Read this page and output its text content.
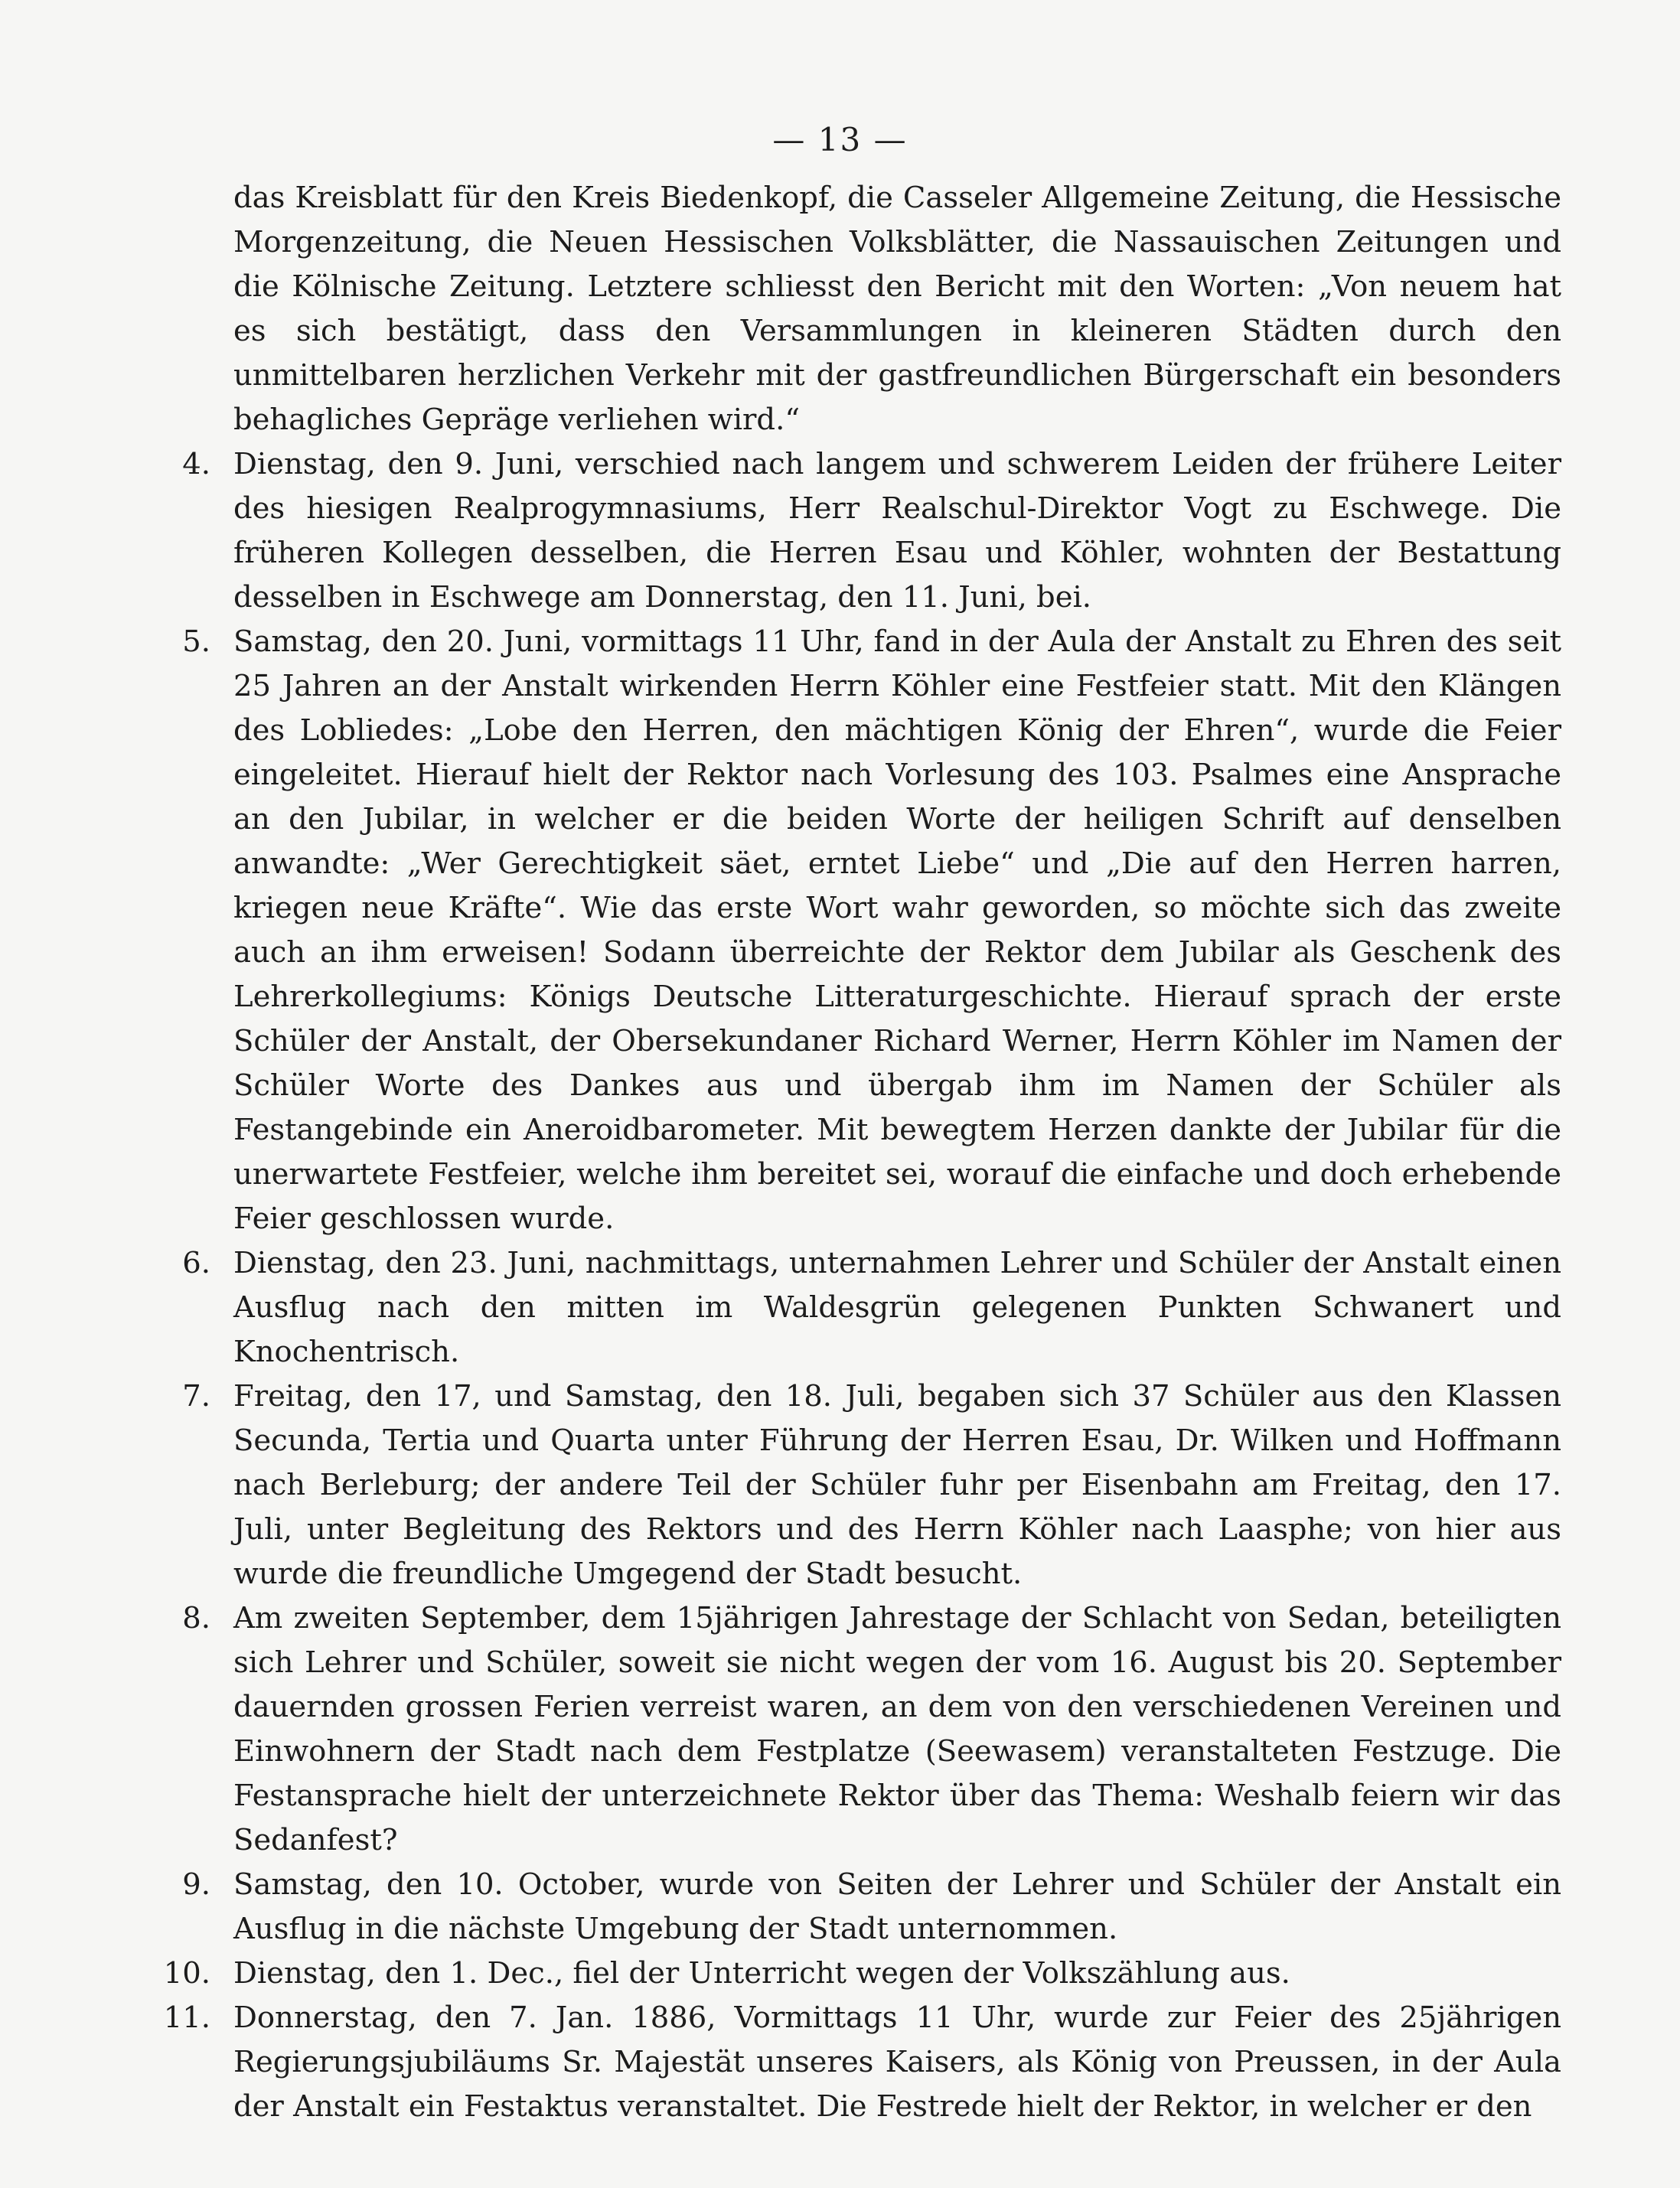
— 13 —

das Kreisblatt für den Kreis Biedenkopf, die Casseler Allgemeine Zeitung, die Hessische Morgenzeitung, die Neuen Hessischen Volksblätter, die Nassauischen Zeitungen und die Kölnische Zeitung. Letztere schliesst den Bericht mit den Worten: „Von neuem hat es sich bestätigt, dass den Versammlungen in kleineren Städten durch den unmittelbaren herzlichen Verkehr mit der gastfreundlichen Bürgerschaft ein besonders behagliches Gepräge verliehen wird.“

4. Dienstag, den 9. Juni, verschied nach langem und schwerem Leiden der frühere Leiter des hiesigen Realprogymnasiums, Herr Realschul-Direktor Vogt zu Eschwege. Die früheren Kollegen desselben, die Herren Esau und Köhler, wohnten der Bestattung desselben in Eschwege am Donnerstag, den 11. Juni, bei.
5. Samstag, den 20. Juni, vormittags 11 Uhr, fand in der Aula der Anstalt zu Ehren des seit 25 Jahren an der Anstalt wirkenden Herrn Köhler eine Festfeier statt. Mit den Klängen des Lobliedes: „Lobe den Herren, den mächtigen König der Ehren“, wurde die Feier eingeleitet. Hierauf hielt der Rektor nach Vorlesung des 103. Psalmes eine Ansprache an den Jubilar, in welcher er die beiden Worte der heiligen Schrift auf denselben anwandte: „Wer Gerechtigkeit säet, erntet Liebe“ und „Die auf den Herren harren, kriegen neue Kräfte“. Wie das erste Wort wahr geworden, so möchte sich das zweite auch an ihm erweisen! Sodann überreichte der Rektor dem Jubilar als Geschenk des Lehrerkollegiums: Königs Deutsche Litteraturgeschichte. Hierauf sprach der erste Schüler der Anstalt, der Obersekundaner Richard Werner, Herrn Köhler im Namen der Schüler Worte des Dankes aus und übergab ihm im Namen der Schüler als Festangebinde ein Aneroidbarometer. Mit bewegtem Herzen dankte der Jubilar für die unerwartete Festfeier, welche ihm bereitet sei, worauf die einfache und doch erhebende Feier geschlossen wurde.
6. Dienstag, den 23. Juni, nachmittags, unternahmen Lehrer und Schüler der Anstalt einen Ausflug nach den mitten im Waldesgrün gelegenen Punkten Schwanert und Knochentrisch.
7. Freitag, den 17, und Samstag, den 18. Juli, begaben sich 37 Schüler aus den Klassen Secunda, Tertia und Quarta unter Führung der Herren Esau, Dr. Wilken und Hoffmann nach Berleburg; der andere Teil der Schüler fuhr per Eisenbahn am Freitag, den 17. Juli, unter Begleitung des Rektors und des Herrn Köhler nach Laasphe; von hier aus wurde die freundliche Umgegend der Stadt besucht.
8. Am zweiten September, dem 15jährigen Jahrestage der Schlacht von Sedan, beteiligten sich Lehrer und Schüler, soweit sie nicht wegen der vom 16. August bis 20. September dauernden grossen Ferien verreist waren, an dem von den verschiedenen Vereinen und Einwohnern der Stadt nach dem Festplatze (Seewasem) veranstalteten Festzuge. Die Festansprache hielt der unterzeichnete Rektor über das Thema: Weshalb feiern wir das Sedanfest?
9. Samstag, den 10. October, wurde von Seiten der Lehrer und Schüler der Anstalt ein Ausflug in die nächste Umgebung der Stadt unternommen.
10. Dienstag, den 1. Dec., fiel der Unterricht wegen der Volkszählung aus.
11. Donnerstag, den 7. Jan. 1886, Vormittags 11 Uhr, wurde zur Feier des 25jährigen Regierungsjubiläums Sr. Majestät unseres Kaisers, als König von Preussen, in der Aula der Anstalt ein Festaktus veranstaltet. Die Festrede hielt der Rektor, in welcher er den
